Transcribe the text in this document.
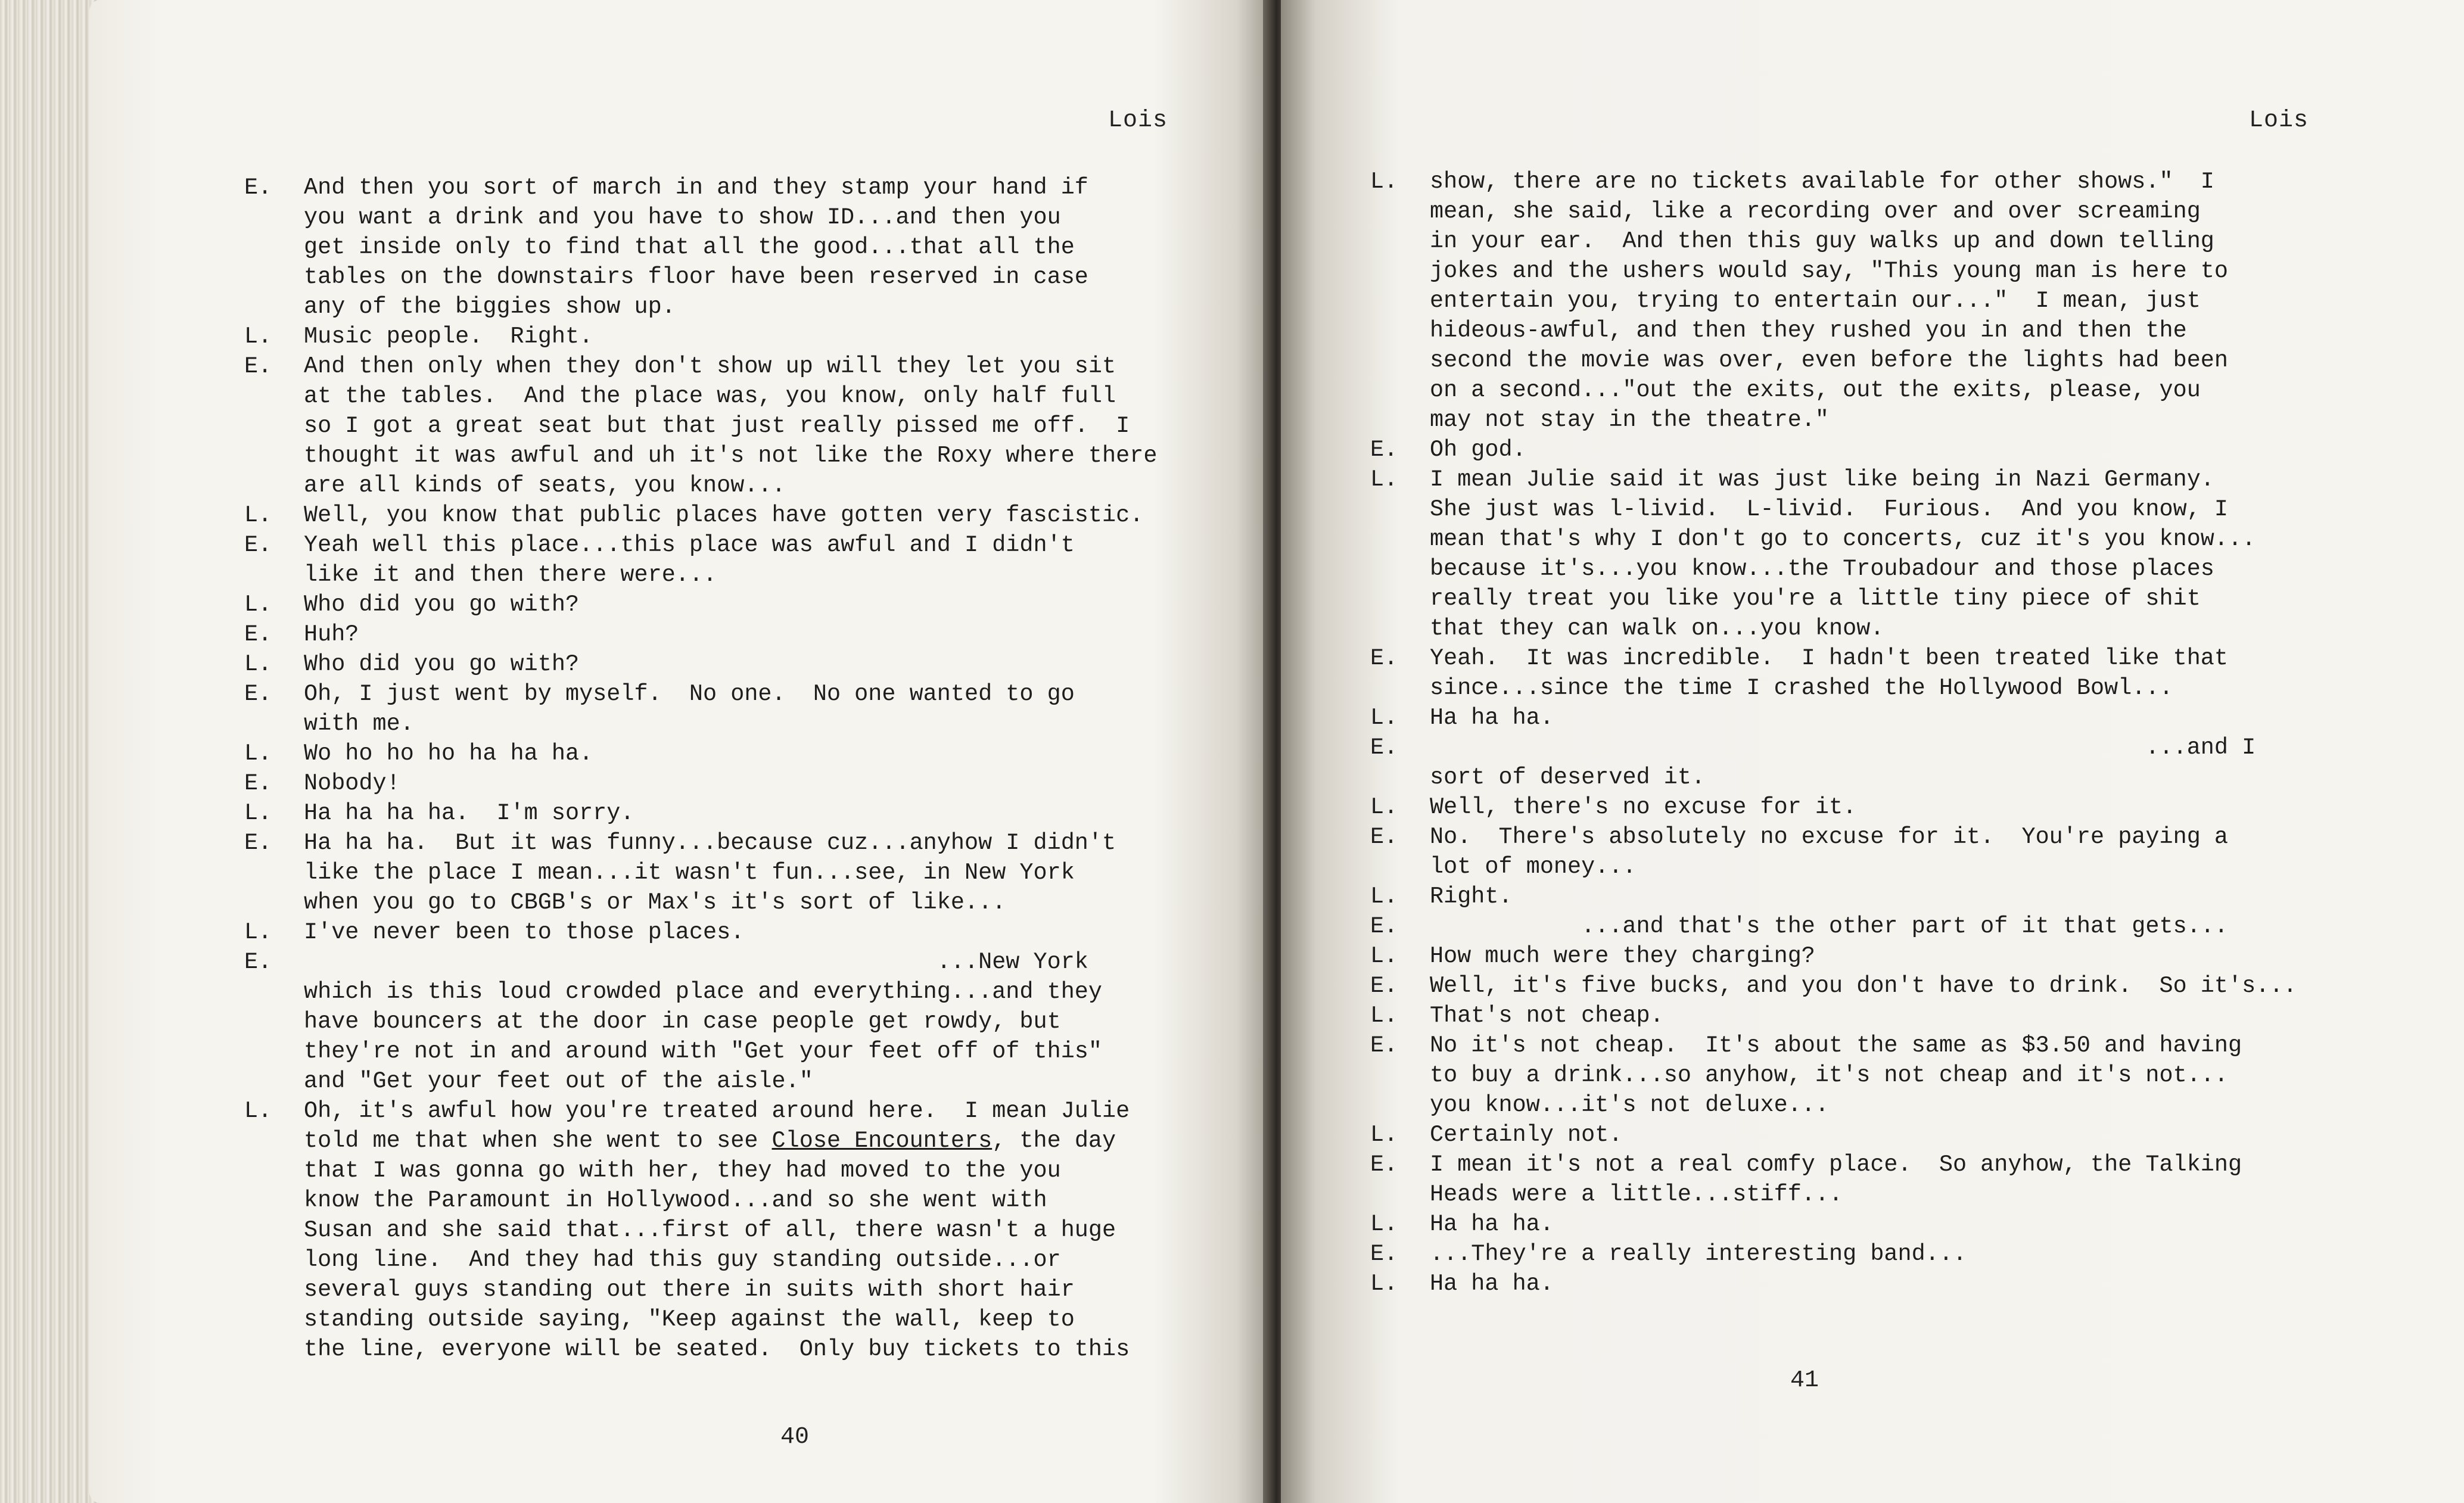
Lois
E. And then you sort of march in and they stamp your hand if
you want a drink and you have to show ID...and then you
get inside only to find that all the good...that all the
tables on the downstairs floor have been reserved in case
any of the biggies show up.
L. Music people.  Right.
E. And then only when they don't show up will they let you sit
at the tables.  And the place was, you know, only half full
so I got a great seat but that just really pissed me off.  I
thought it was awful and uh it's not like the Roxy where there
are all kinds of seats, you know...
L. Well, you know that public places have gotten very fascistic.
E. Yeah well this place...this place was awful and I didn't
like it and then there were...
L. Who did you go with?
E. Huh?
L. Who did you go with?
E. Oh, I just went by myself.  No one.  No one wanted to go
with me.
L. Wo ho ho ho ha ha ha.
E. Nobody!
L. Ha ha ha ha.  I'm sorry.
E. Ha ha ha.  But it was funny...because cuz...anyhow I didn't
like the place I mean...it wasn't fun...see, in New York
when you go to CBGB's or Max's it's sort of like...
L. I've never been to those places.
E. ...New York
which is this loud crowded place and everything...and they
have bouncers at the door in case people get rowdy, but
they're not in and around with "Get your feet off of this"
and "Get your feet out of the aisle."
L. Oh, it's awful how you're treated around here.  I mean Julie
told me that when she went to see Close Encounters, the day
that I was gonna go with her, they had moved to the you
know the Paramount in Hollywood...and so she went with
Susan and she said that...first of all, there wasn't a huge
long line.  And they had this guy standing outside...or
several guys standing out there in suits with short hair
standing outside saying, "Keep against the wall, keep to
the line, everyone will be seated.  Only buy tickets to this
40
Lois
L. show, there are no tickets available for other shows."  I
mean, she said, like a recording over and over screaming
in your ear.  And then this guy walks up and down telling
jokes and the ushers would say, "This young man is here to
entertain you, trying to entertain our..."  I mean, just
hideous-awful, and then they rushed you in and then the
second the movie was over, even before the lights had been
on a second..."out the exits, out the exits, please, you
may not stay in the theatre."
E. Oh god.
L. I mean Julie said it was just like being in Nazi Germany.
She just was l-livid.  L-livid.  Furious.  And you know, I
mean that's why I don't go to concerts, cuz it's you know...
because it's...you know...the Troubadour and those places
really treat you like you're a little tiny piece of shit
that they can walk on...you know.
E. Yeah.  It was incredible.  I hadn't been treated like that
since...since the time I crashed the Hollywood Bowl...
L. Ha ha ha.
E. ...and I
sort of deserved it.
L. Well, there's no excuse for it.
E. No.  There's absolutely no excuse for it.  You're paying a
lot of money...
L. Right.
E. ...and that's the other part of it that gets...
L. How much were they charging?
E. Well, it's five bucks, and you don't have to drink.  So it's...
L. That's not cheap.
E. No it's not cheap.  It's about the same as $3.50 and having
to buy a drink...so anyhow, it's not cheap and it's not...
you know...it's not deluxe...
L. Certainly not.
E. I mean it's not a real comfy place.  So anyhow, the Talking
Heads were a little...stiff...
L. Ha ha ha.
E. ...They're a really interesting band...
L. Ha ha ha.
41
